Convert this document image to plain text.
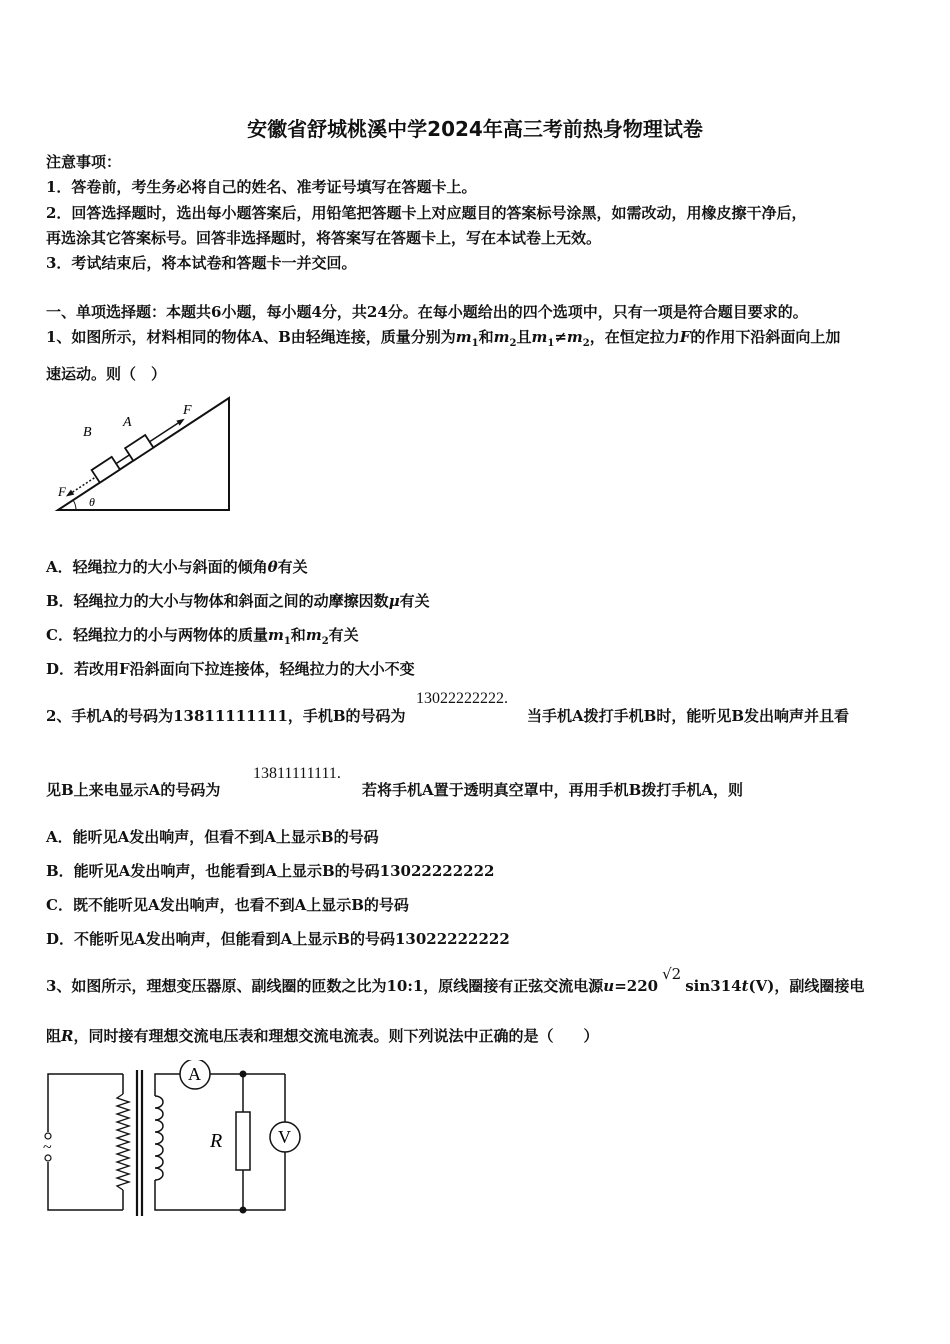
安徽省舒城桃溪中学2024年高三考前热身物理试卷
注意事项：
1．答卷前，考生务必将自己的姓名、准考证号填写在答题卡上。
2．回答选择题时，选出每小题答案后，用铅笔把答题卡上对应题目的答案标号涂黑，如需改动，用橡皮擦干净后，
再选涂其它答案标号。回答非选择题时，将答案写在答题卡上，写在本试卷上无效。
3．考试结束后，将本试卷和答题卡一并交回。
一、单项选择题：本题共6小题，每小题4分，共24分。在每小题给出的四个选项中，只有一项是符合题目要求的。
1、如图所示，材料相同的物体A、B由轻绳连接，质量分别为$m_1$和$m_2$且$m_1\ne m_2$，在恒定拉力F的作用下沿斜面向上加
速运动。则（　）
B
A
F
F
θ
A．轻绳拉力的大小与斜面的倾角θ有关
B．轻绳拉力的大小与物体和斜面之间的动摩擦因数μ有关
C．轻绳拉力的小与两物体的质量$m_1$和$m_2$有关
D．若改用F沿斜面向下拉连接体，轻绳拉力的大小不变
2、手机A的号码为13811111111，手机B的号码为
13022222222.
当手机A拨打手机B时，能听见B发出响声并且看
见B上来电显示A的号码为
13811111111.
若将手机A置于透明真空罩中，再用手机B拨打手机A，则
A．能听见A发出响声，但看不到A上显示B的号码
B．能听见A发出响声，也能看到A上显示B的号码13022222222
C．既不能听见A发出响声，也看不到A上显示B的号码
D．不能听见A发出响声，但能看到A上显示B的号码13022222222
3、如图所示，理想变压器原、副线圈的匝数之比为10:1，原线圈接有正弦交流电源u=220√2sin314t(V)，副线圈接电
阻R，同时接有理想交流电压表和理想交流电流表。则下列说法中正确的是（　　）
~
A
R	V
